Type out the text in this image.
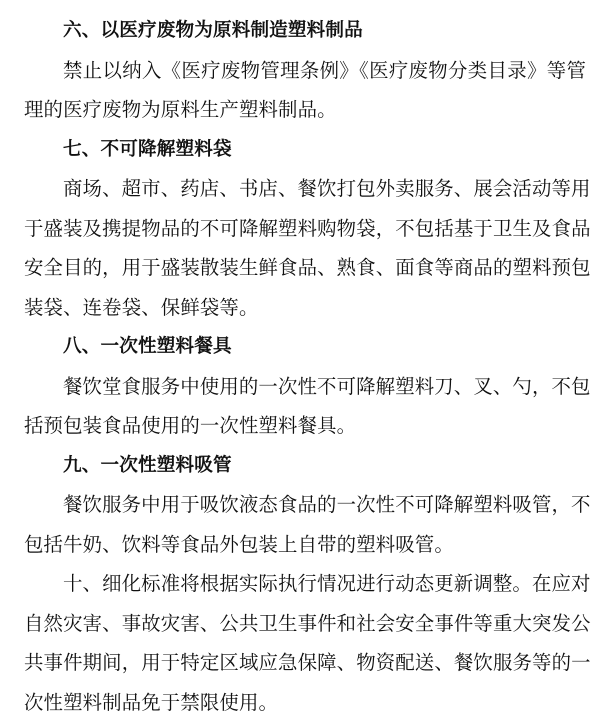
六、以医疗废物为原料制造塑料制品
禁止以纳入《医疗废物管理条例》《医疗废物分类目录》等管
理的医疗废物为原料生产塑料制品。
七、不可降解塑料袋
商场、超市、药店、书店、餐饮打包外卖服务、展会活动等用
于盛装及携提物品的不可降解塑料购物袋，不包括基于卫生及食品
安全目的，用于盛装散装生鲜食品、熟食、面食等商品的塑料预包
装袋、连卷袋、保鲜袋等。
八、一次性塑料餐具
餐饮堂食服务中使用的一次性不可降解塑料刀、叉、勺，不包
括预包装食品使用的一次性塑料餐具。
九、一次性塑料吸管
餐饮服务中用于吸饮液态食品的一次性不可降解塑料吸管，不
包括牛奶、饮料等食品外包装上自带的塑料吸管。
十、细化标准将根据实际执行情况进行动态更新调整。在应对
自然灾害、事故灾害、公共卫生事件和社会安全事件等重大突发公
共事件期间，用于特定区域应急保障、物资配送、餐饮服务等的一
次性塑料制品免于禁限使用。
